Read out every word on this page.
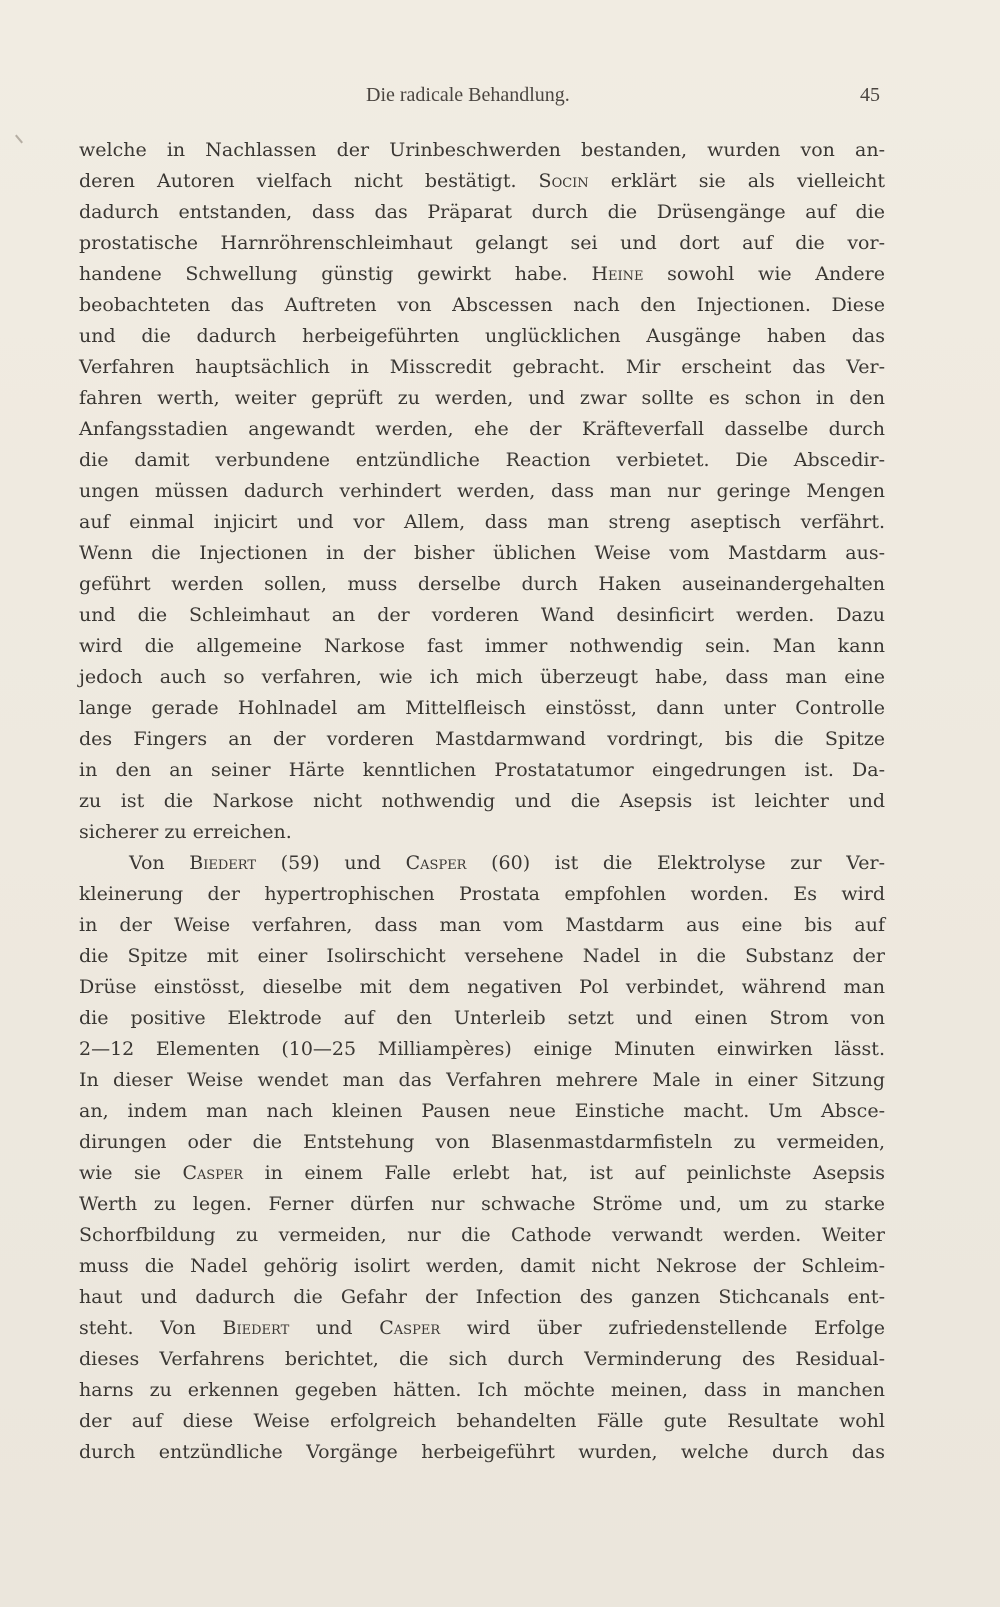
Die radicale Behandlung.	45
welche in Nachlassen der Urinbeschwerden bestanden, wurden von an-
deren Autoren vielfach nicht bestätigt. Socin erklärt sie als vielleicht
dadurch entstanden, dass das Präparat durch die Drüsengänge auf die
prostatische Harnröhrenschleimhaut gelangt sei und dort auf die vor-
handene Schwellung günstig gewirkt habe. Heine sowohl wie Andere
beobachteten das Auftreten von Abscessen nach den Injectionen. Diese
und die dadurch herbeigeführten unglücklichen Ausgänge haben das
Verfahren hauptsächlich in Misscredit gebracht. Mir erscheint das Ver-
fahren werth, weiter geprüft zu werden, und zwar sollte es schon in den
Anfangsstadien angewandt werden, ehe der Kräfteverfall dasselbe durch
die damit verbundene entzündliche Reaction verbietet. Die Abscedir-
ungen müssen dadurch verhindert werden, dass man nur geringe Mengen
auf einmal injicirt und vor Allem, dass man streng aseptisch verfährt.
Wenn die Injectionen in der bisher üblichen Weise vom Mastdarm aus-
geführt werden sollen, muss derselbe durch Haken auseinandergehalten
und die Schleimhaut an der vorderen Wand desinficirt werden. Dazu
wird die allgemeine Narkose fast immer nothwendig sein. Man kann
jedoch auch so verfahren, wie ich mich überzeugt habe, dass man eine
lange gerade Hohlnadel am Mittelfleisch einstösst, dann unter Controlle
des Fingers an der vorderen Mastdarmwand vordringt, bis die Spitze
in den an seiner Härte kenntlichen Prostatatumor eingedrungen ist. Da-
zu ist die Narkose nicht nothwendig und die Asepsis ist leichter und
sicherer zu erreichen.
Von Biedert (59) und Casper (60) ist die Elektrolyse zur Ver-
kleinerung der hypertrophischen Prostata empfohlen worden. Es wird
in der Weise verfahren, dass man vom Mastdarm aus eine bis auf
die Spitze mit einer Isolirschicht versehene Nadel in die Substanz der
Drüse einstösst, dieselbe mit dem negativen Pol verbindet, während man
die positive Elektrode auf den Unterleib setzt und einen Strom von
2—12 Elementen (10—25 Milliampères) einige Minuten einwirken lässt.
In dieser Weise wendet man das Verfahren mehrere Male in einer Sitzung
an, indem man nach kleinen Pausen neue Einstiche macht. Um Absce-
dirungen oder die Entstehung von Blasenmastdarmfisteln zu vermeiden,
wie sie Casper in einem Falle erlebt hat, ist auf peinlichste Asepsis
Werth zu legen. Ferner dürfen nur schwache Ströme und, um zu starke
Schorfbildung zu vermeiden, nur die Cathode verwandt werden. Weiter
muss die Nadel gehörig isolirt werden, damit nicht Nekrose der Schleim-
haut und dadurch die Gefahr der Infection des ganzen Stichcanals ent-
steht. Von Biedert und Casper wird über zufriedenstellende Erfolge
dieses Verfahrens berichtet, die sich durch Verminderung des Residual-
harns zu erkennen gegeben hätten. Ich möchte meinen, dass in manchen
der auf diese Weise erfolgreich behandelten Fälle gute Resultate wohl
durch entzündliche Vorgänge herbeigeführt wurden, welche durch das
